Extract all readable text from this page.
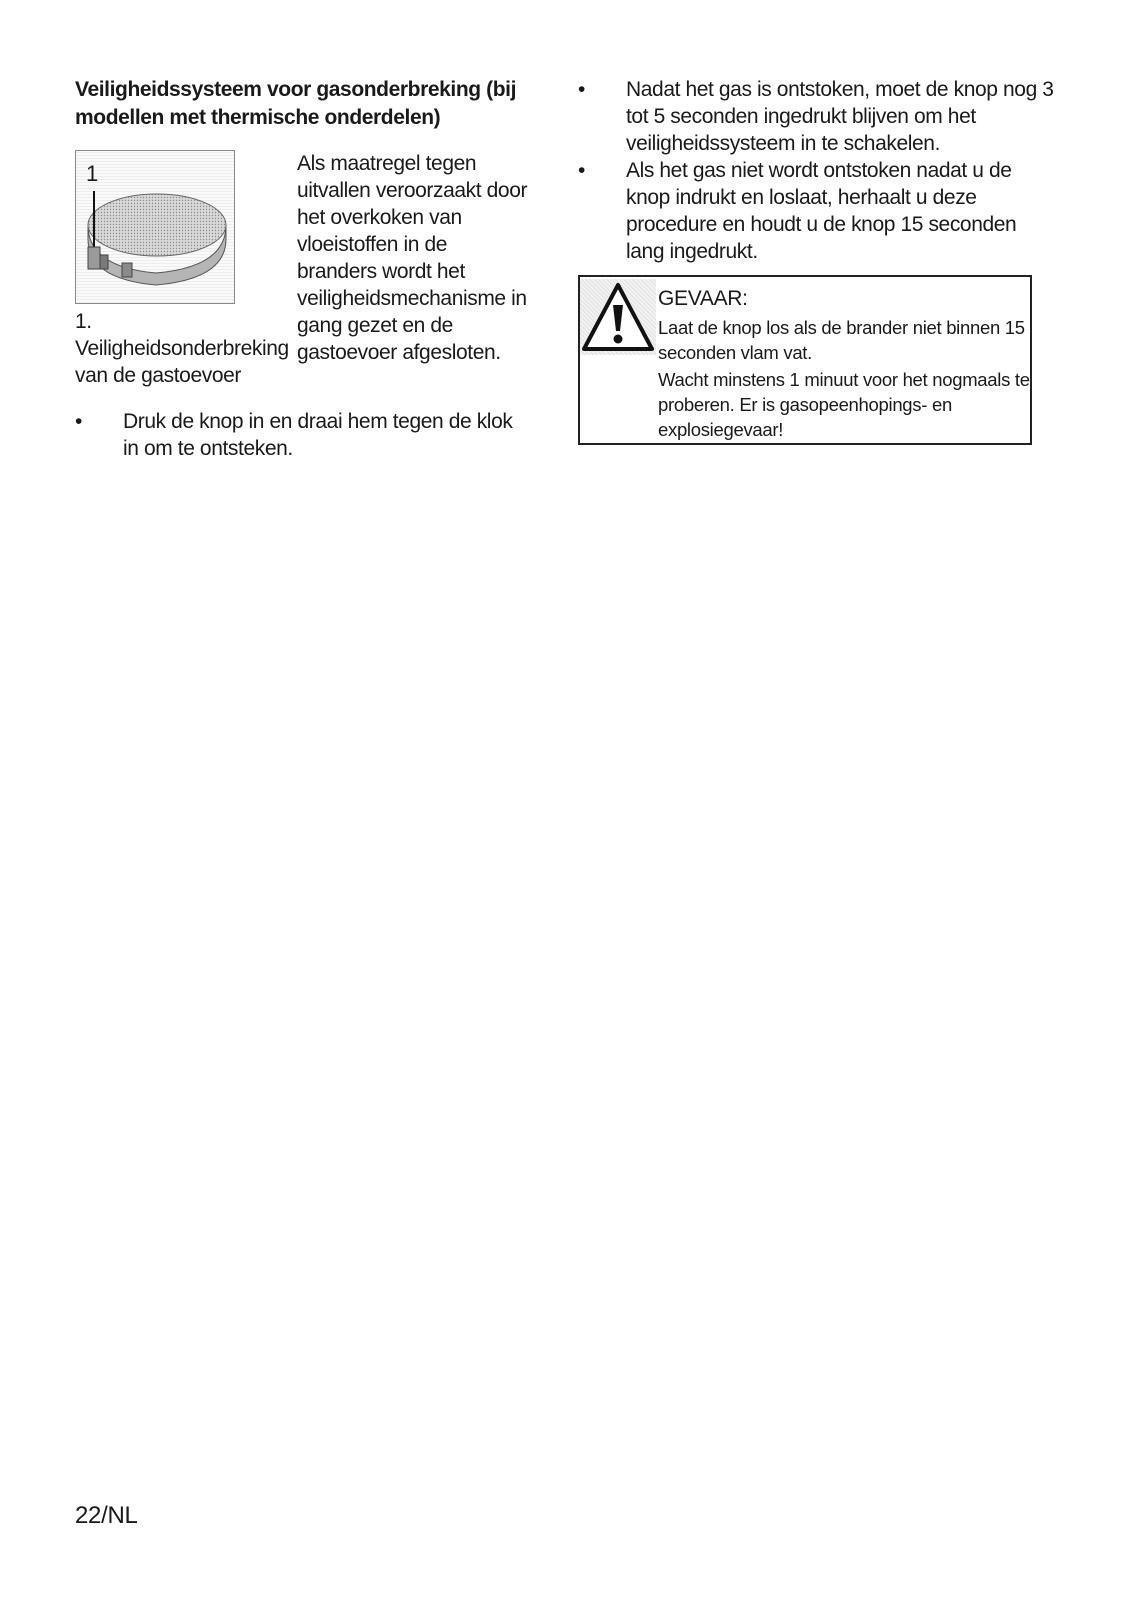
Veiligheidssysteem voor gasonderbreking (bij modellen met thermische onderdelen)
1
1.
Veiligheidsonderbreking van de gastoevoer
Als maatregel tegen uitvallen veroorzaakt door het overkoken van vloeistoffen in de branders wordt het veiligheidsmechanisme in gang gezet en de gastoevoer afgesloten.
•	Druk de knop in en draai hem tegen de klok in om te ontsteken.
•	Nadat het gas is ontstoken, moet de knop nog 3 tot 5 seconden ingedrukt blijven om het veiligheidssysteem in te schakelen.
•	Als het gas niet wordt ontstoken nadat u de knop indrukt en loslaat, herhaalt u deze procedure en houdt u de knop 15 seconden lang ingedrukt.
GEVAAR:

Laat de knop los als de brander niet binnen 15 seconden vlam vat.

Wacht minstens 1 minuut voor het nogmaals te proberen. Er is gasopeenhopings- en explosiegevaar!

22/NL
